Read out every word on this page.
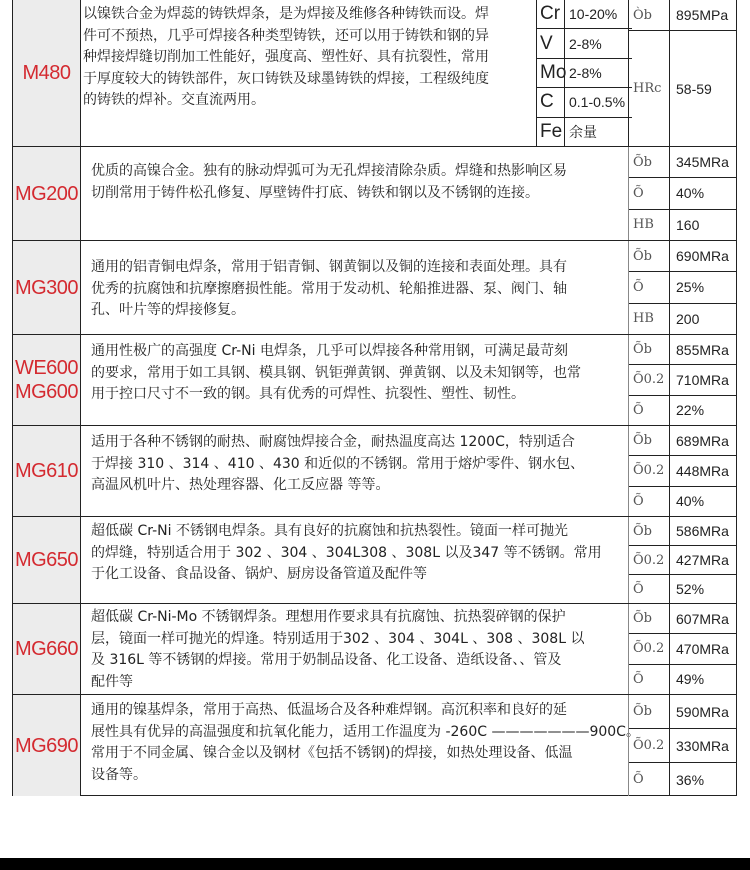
M480
以镍铁合金为焊蕊的铸铁焊条，是为焊接及维修各种铸铁而设。焊
件可不预热，几乎可焊接各种类型铸铁，还可以用于铸铁和钢的异
种焊接焊缝切削加工性能好，强度高、塑性好、具有抗裂性，常用
于厚度较大的铸铁部件，灰口铸铁及球墨铸铁的焊接，工程级纯度
的铸铁的焊补。交直流两用。
Cr 10-20%
V	2-8%
Mo 2-8%
C	0.1-0.5%
Fe 余量
Òb	895MPa
HRc	58-59
MG200
优质的高镍合金。独有的脉动焊弧可为无孔焊接清除杂质。焊缝和热影响区易
切削常用于铸件松孔修复、厚壁铸件打底、铸铁和钢以及不锈钢的连接。
Õb	345MRa
Õ	40%
HB	160
MG300
通用的铝青铜电焊条，常用于铝青铜、钢黄铜以及铜的连接和表面处理。具有
优秀的抗腐蚀和抗摩擦磨损性能。常用于发动机、轮船推进器、泵、阀门、轴
孔、叶片等的焊接修复。
Õb	690MRa
Õ	25%
HB	200
WE600
MG600
通用性极广的高强度 Cr-Ni 电焊条，几乎可以焊接各种常用钢，可满足最苛刻
的要求，常用于如工具钢、模具钢、钒钜弹黄钢、弹黄钢、以及未知钢等，也常
用于控口尺寸不一致的钢。具有优秀的可焊性、抗裂性、塑性、韧性。
Õb	855MRa
Õ0.2 710MRa
Õ	22%
MG610
适用于各种不锈钢的耐热、耐腐蚀焊接合金，耐热温度高达 1200C，特别适合
于焊接 310 、314 、410 、430 和近似的不锈钢。常用于熔炉零件、钢水包、
高温风机叶片、热处理容器、化工反应器 等等。
Õb	689MRa
Õ0.2 448MRa
Õ	40%
MG650
超低碳 Cr-Ni 不锈钢电焊条。具有良好的抗腐蚀和抗热裂性。镜面一样可抛光
的焊缝，特别适合用于 302 、304 、304L308 、308L 以及347 等不锈钢。常用
于化工设备、食品设备、锅炉、厨房设备管道及配件等
Õb	586MRa
Õ0.2 427MRa
Õ	52%
MG660
超低碳 Cr-Ni-Mo 不锈钢焊条。理想用作要求具有抗腐蚀、抗热裂碎钢的保护
层，镜面一样可抛光的焊逢。特别适用于302 、304 、304L 、308 、308L 以
及 316L 等不锈钢的焊接。常用于奶制品设备、化工设备、造纸设备、、管及
配件等
Õb	607MRa
Õ0.2 470MRa
Õ	49%
MG690
通用的镍基焊条，常用于高热、低温场合及各种难焊钢。高沉积率和良好的延
展性具有优异的高温强度和抗氧化能力，适用工作温度为 -260C ———————900C。
常用于不同金属、镍合金以及钢材《包括不锈钢)的焊接，如热处理设备、低温
设备等。
Õb	590MRa
Õ0.2 330MRa
Õ	36%
